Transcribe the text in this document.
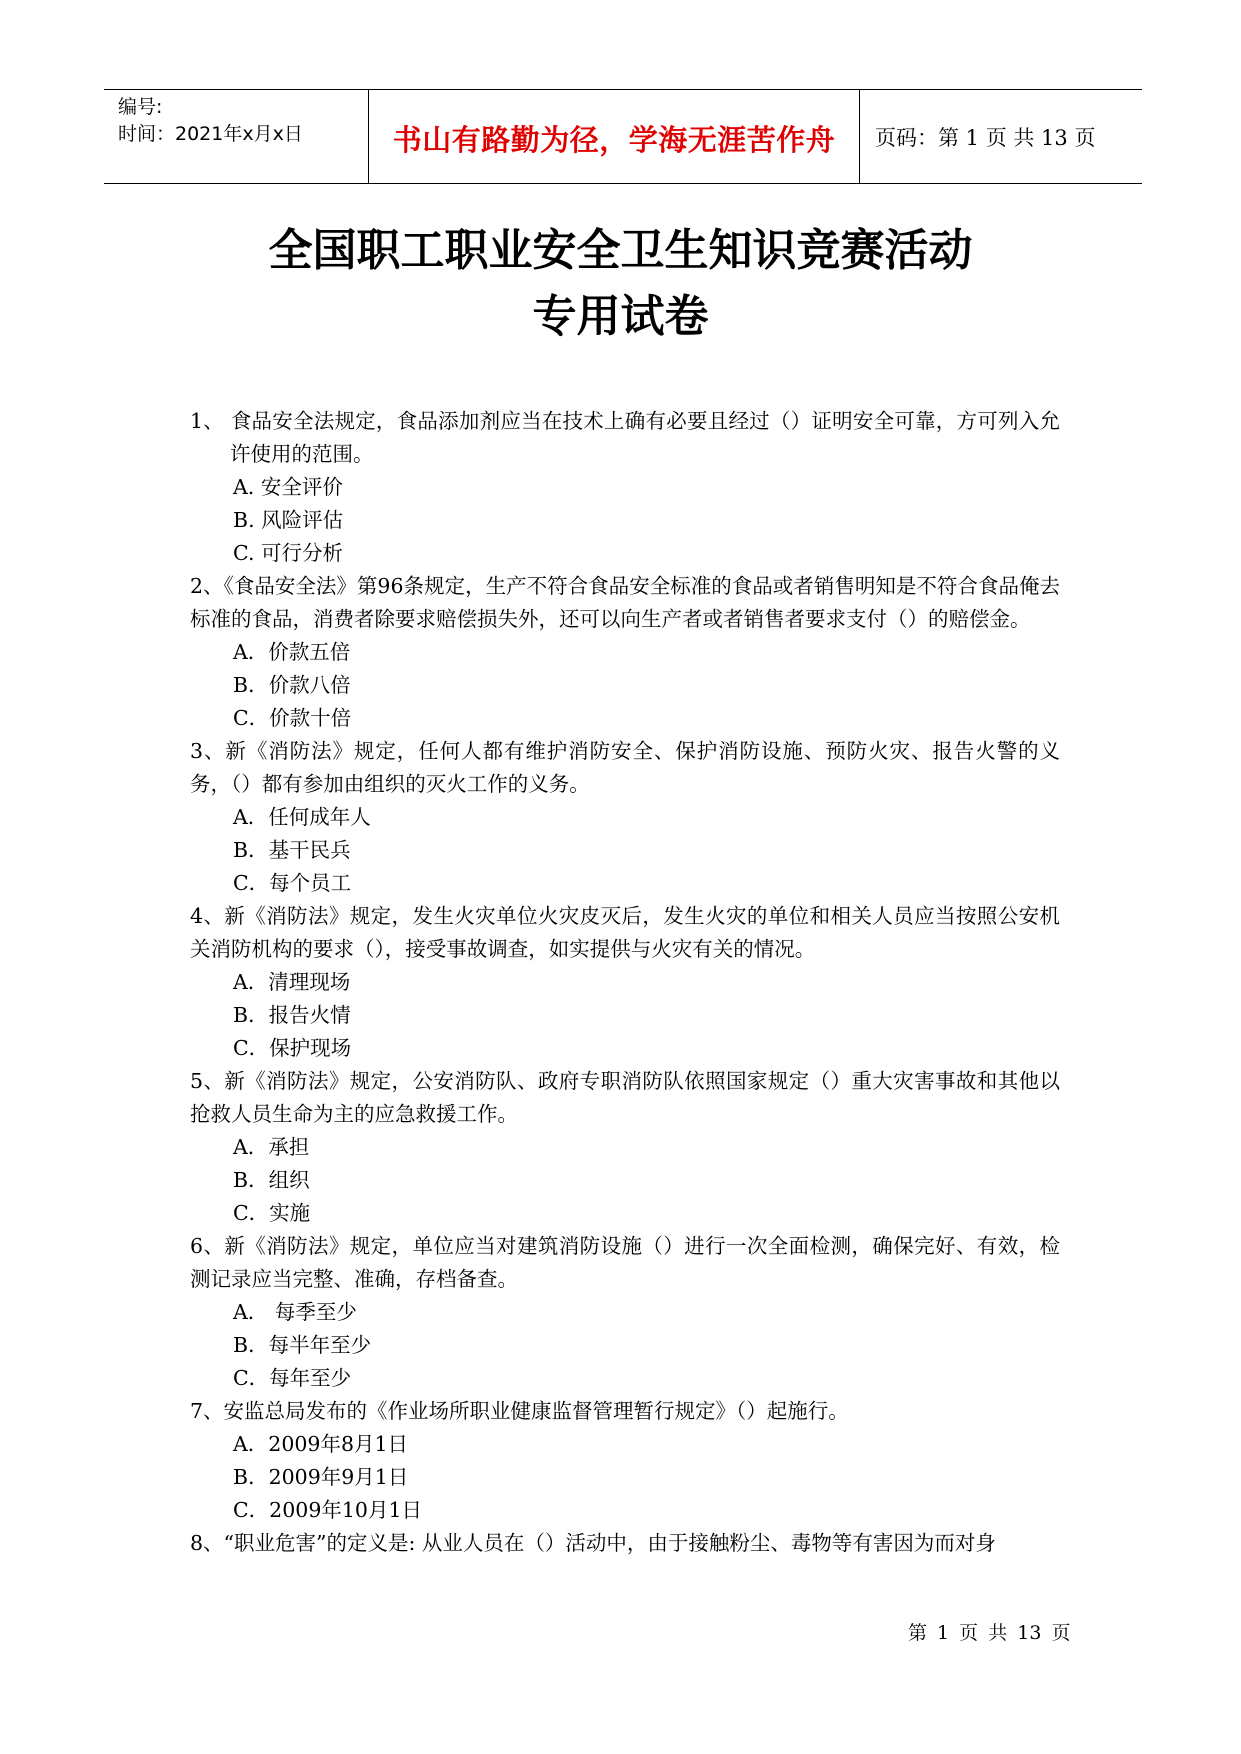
编号:
时间：2021年x月x日	书山有路勤为径，学海无涯苦作舟	页码：第 1 页 共 13 页
全国职工职业安全卫生知识竞赛活动
专用试卷
1、 食品安全法规定，食品添加剂应当在技术上确有必要且经过（）证明安全可靠，方可列入允许使用的范围。
A. 安全评价
B. 风险评估
C. 可行分析
2、《食品安全法》第96条规定，生产不符合食品安全标准的食品或者销售明知是不符合食品俺去标准的食品，消费者除要求赔偿损失外，还可以向生产者或者销售者要求支付（）的赔偿金。
A．价款五倍
B．价款八倍
C．价款十倍
3、新《消防法》规定，任何人都有维护消防安全、保护消防设施、预防火灾、报告火警的义务，（）都有参加由组织的灭火工作的义务。
A．任何成年人
B．基干民兵
C．每个员工
4、新《消防法》规定，发生火灾单位火灾皮灭后，发生火灾的单位和相关人员应当按照公安机关消防机构的要求（），接受事故调查，如实提供与火灾有关的情况。
A．清理现场
B．报告火情
C．保护现场
5、新《消防法》规定，公安消防队、政府专职消防队依照国家规定（）重大灾害事故和其他以抢救人员生命为主的应急救援工作。
A．承担
B．组织
C．实施
6、新《消防法》规定，单位应当对建筑消防设施（）进行一次全面检测，确保完好、有效，检测记录应当完整、准确，存档备查。
A． 每季至少
B．每半年至少
C．每年至少
7、安监总局发布的《作业场所职业健康监督管理暂行规定》（）起施行。
A．2009年8月1日
B．2009年9月1日
C．2009年10月1日
8、“职业危害”的定义是: 从业人员在（）活动中，由于接触粉尘、毒物等有害因为而对身
第 1 页 共 13 页
